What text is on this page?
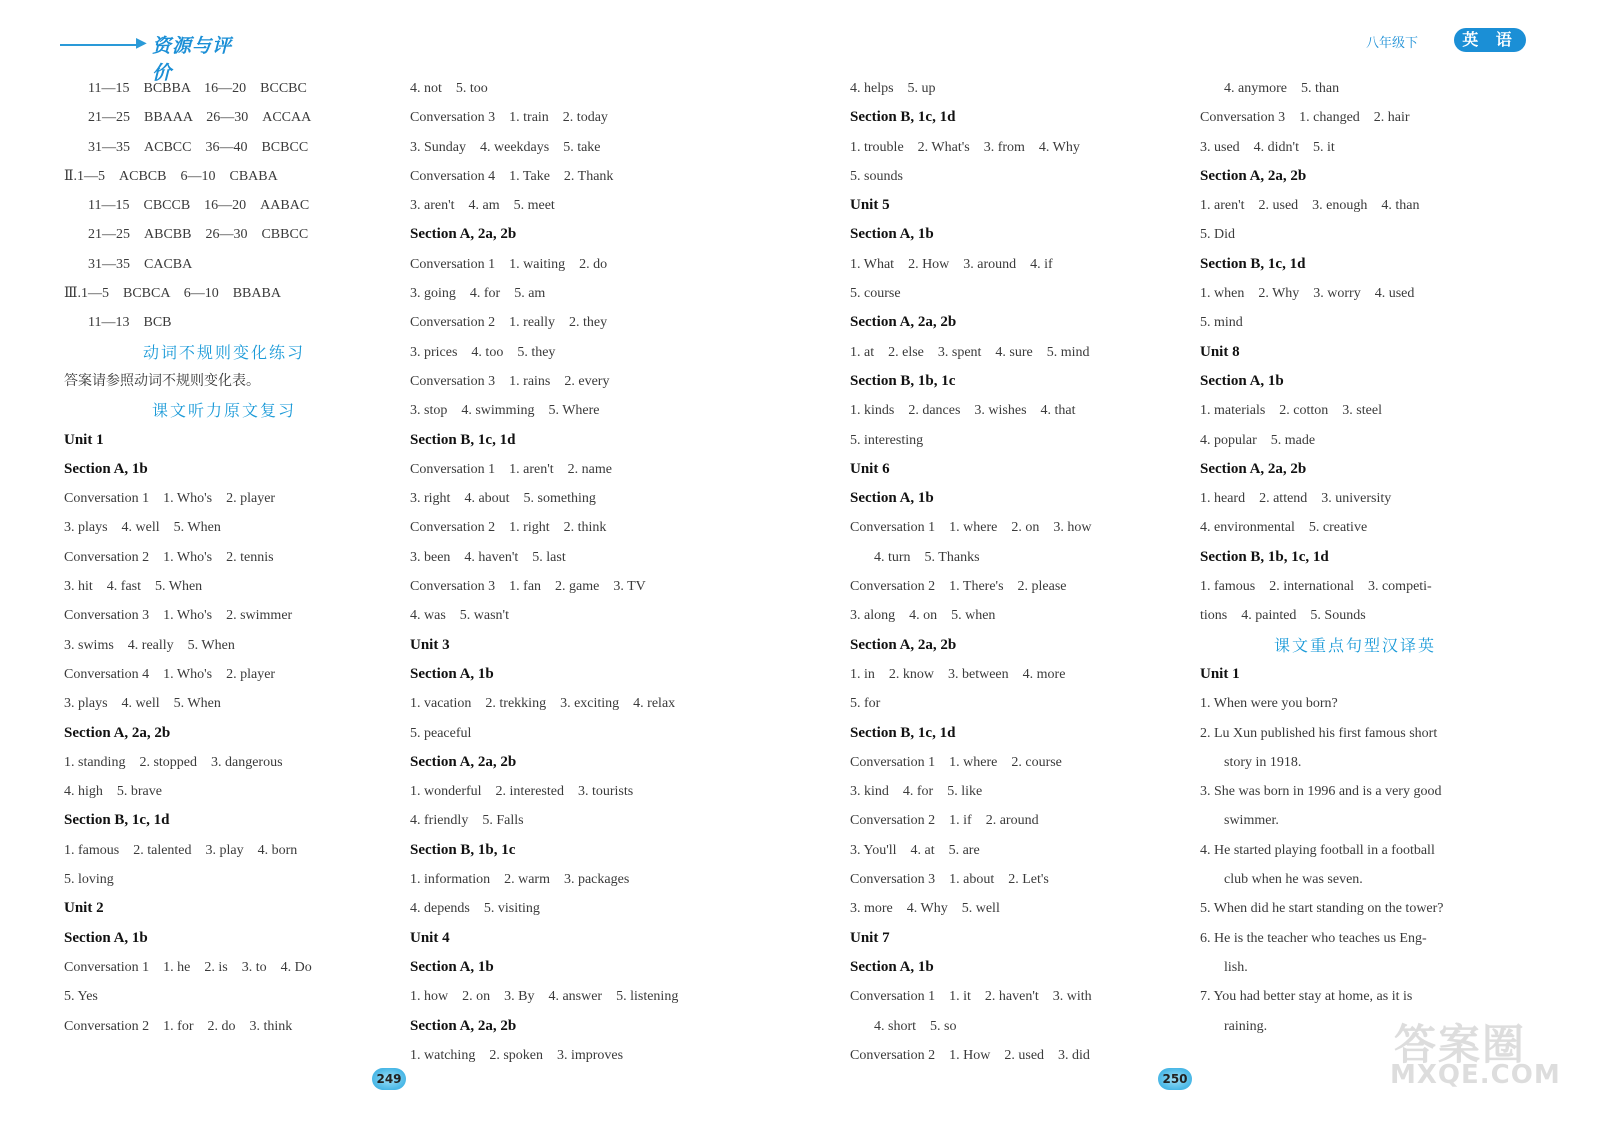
▶ 资源与评价
八年级下	英 语
11—15　BCBBA　16—20　BCCBC
21—25　BBAAA　26—30　ACCAA
31—35　ACBCC　36—40　BCBCC
Ⅱ.1—5　ACBCB　6—10　CBABA
11—15　CBCCB　16—20　AABAC
21—25　ABCBB　26—30　CBBCC
31—35　CACBA
Ⅲ.1—5　BCBCA　6—10　BBABA
11—13　BCB
动词不规则变化练习
答案请参照动词不规则变化表。
课文听力原文复习
Unit 1
Section A, 1b
Conversation 1　1. Who's　2. player
3. plays　4. well　5. When
Conversation 2　1. Who's　2. tennis
3. hit　4. fast　5. When
Conversation 3　1. Who's　2. swimmer
3. swims　4. really　5. When
Conversation 4　1. Who's　2. player
3. plays　4. well　5. When
Section A, 2a, 2b
1. standing　2. stopped　3. dangerous
4. high　5. brave
Section B, 1c, 1d
1. famous　2. talented　3. play　4. born
5. loving
Unit 2
Section A, 1b
Conversation 1　1. he　2. is　3. to　4. Do
5. Yes
Conversation 2　1. for　2. do　3. think
4. not　5. too
Conversation 3　1. train　2. today
3. Sunday　4. weekdays　5. take
Conversation 4　1. Take　2. Thank
3. aren't　4. am　5. meet
Section A, 2a, 2b
Conversation 1　1. waiting　2. do
3. going　4. for　5. am
Conversation 2　1. really　2. they
3. prices　4. too　5. they
Conversation 3　1. rains　2. every
3. stop　4. swimming　5. Where
Section B, 1c, 1d
Conversation 1　1. aren't　2. name
3. right　4. about　5. something
Conversation 2　1. right　2. think
3. been　4. haven't　5. last
Conversation 3　1. fan　2. game　3. TV
4. was　5. wasn't
Unit 3
Section A, 1b
1. vacation　2. trekking　3. exciting　4. relax
5. peaceful
Section A, 2a, 2b
1. wonderful　2. interested　3. tourists
4. friendly　5. Falls
Section B, 1b, 1c
1. information　2. warm　3. packages
4. depends　5. visiting
Unit 4
Section A, 1b
1. how　2. on　3. By　4. answer　5. listening
Section A, 2a, 2b
1. watching　2. spoken　3. improves
4. helps　5. up
Section B, 1c, 1d
1. trouble　2. What's　3. from　4. Why
5. sounds
Unit 5
Section A, 1b
1. What　2. How　3. around　4. if
5. course
Section A, 2a, 2b
1. at　2. else　3. spent　4. sure　5. mind
Section B, 1b, 1c
1. kinds　2. dances　3. wishes　4. that
5. interesting
Unit 6
Section A, 1b
Conversation 1　1. where　2. on　3. how
4. turn　5. Thanks
Conversation 2　1. There's　2. please
3. along　4. on　5. when
Section A, 2a, 2b
1. in　2. know　3. between　4. more
5. for
Section B, 1c, 1d
Conversation 1　1. where　2. course
3. kind　4. for　5. like
Conversation 2　1. if　2. around
3. You'll　4. at　5. are
Conversation 3　1. about　2. Let's
3. more　4. Why　5. well
Unit 7
Section A, 1b
Conversation 1　1. it　2. haven't　3. with
4. short　5. so
Conversation 2　1. How　2. used　3. did
4. anymore　5. than
Conversation 3　1. changed　2. hair
3. used　4. didn't　5. it
Section A, 2a, 2b
1. aren't　2. used　3. enough　4. than
5. Did
Section B, 1c, 1d
1. when　2. Why　3. worry　4. used
5. mind
Unit 8
Section A, 1b
1. materials　2. cotton　3. steel
4. popular　5. made
Section A, 2a, 2b
1. heard　2. attend　3. university
4. environmental　5. creative
Section B, 1b, 1c, 1d
1. famous　2. international　3. competi-
tions　4. painted　5. Sounds
课文重点句型汉译英
Unit 1
1. When were you born?
2. Lu Xun published his first famous short
story in 1918.
3. She was born in 1996 and is a very good
swimmer.
4. He started playing football in a football
club when he was seven.
5. When did he start standing on the tower?
6. He is the teacher who teaches us Eng-
lish.
7. You had better stay at home, as it is
raining.
249	250
答案圈
MXQE.COM
